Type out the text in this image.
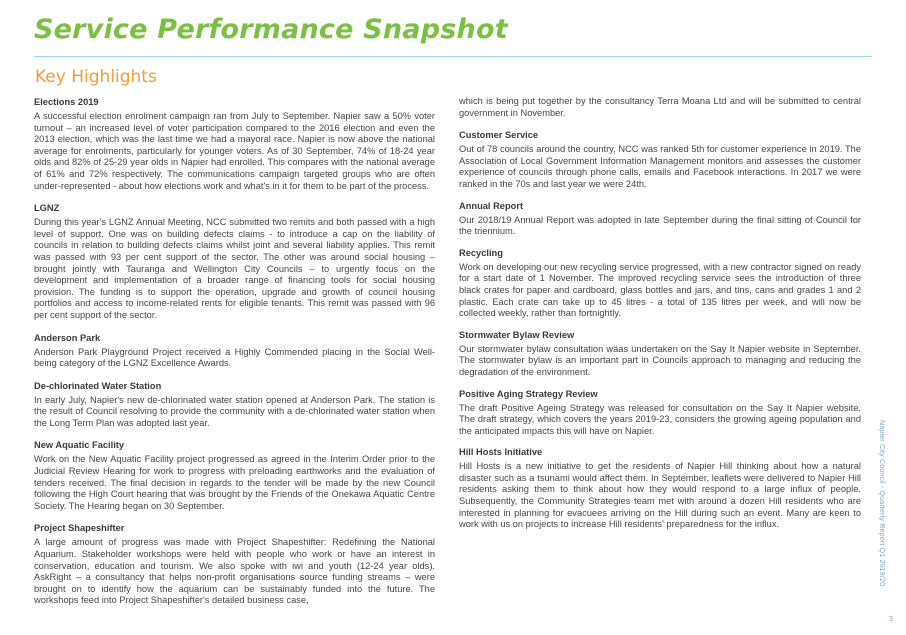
Service Performance Snapshot
Key Highlights
Elections 2019

A successful election enrolment campaign ran from July to September. Napier saw a 50% voter turnout – an increased level of voter participation compared to the 2016 election and even the 2013 election, which was the last time we had a mayoral race. Napier is now above the national average for enrolments, particularly for younger voters. As of 30 September, 74% of 18-24 year olds and 82% of 25-29 year olds in Napier had enrolled. This compares with the national average of 61% and 72% respectively. The communications campaign targeted groups who are often under-represented - about how elections work and what's in it for them to be part of the process.

LGNZ

During this year's LGNZ Annual Meeting, NCC submitted two remits and both passed with a high level of support. One was on building defects claims - to introduce a cap on the liability of councils in relation to building defects claims whilst joint and several liability applies. This remit was passed with 93 per cent support of the sector. The other was around social housing – brought jointly with Tauranga and Wellington City Councils – to urgently focus on the development and implementation of a broader range of financing tools for social housing provision. The funding is to support the operation, upgrade and growth of council housing portfolios and access to income-related rents for eligible tenants. This remit was passed with 96 per cent support of the sector.

Anderson Park

Anderson Park Playground Project received a Highly Commended placing in the Social Well-being category of the LGNZ Excellence Awards.

De-chlorinated Water Station

In early July, Napier's new de-chlorinated water station opened at Anderson Park. The station is the result of Council resolving to provide the community with a de-chlorinated water station when the Long Term Plan was adopted last year.

New Aquatic Facility

Work on the New Aquatic Facility project progressed as agreed in the Interim Order prior to the Judicial Review Hearing for work to progress with preloading earthworks and the evaluation of tenders received. The final decision in regards to the tender will be made by the new Council following the High Court hearing that was brought by the Friends of the Onekawa Aquatic Centre Society. The Hearing began on 30 September.

Project Shapeshifter

A large amount of progress was made with Project Shapeshifter: Redefining the National Aquarium. Stakeholder workshops were held with people who work or have an interest in conservation, education and tourism. We also spoke with iwi and youth (12-24 year olds). AskRight – a consultancy that helps non-profit organisations source funding streams – were brought on to identify how the aquarium can be sustainably funded into the future. The workshops feed into Project Shapeshifter's detailed business case,

which is being put together by the consultancy Terra Moana Ltd and will be submitted to central government in November.

Customer Service

Out of 78 councils around the country, NCC was ranked 5th for customer experience in 2019. The Association of Local Government Information Management monitors and assesses the customer experience of councils through phone calls, emails and Facebook interactions. In 2017 we were ranked in the 70s and last year we were 24th.

Annual Report

Our 2018/19 Annual Report was adopted in late September during the final sitting of Council for the triennium.

Recycling

Work on developing our new recycling service progressed, with a new contractor signed on ready for a start date of 1 November. The improved recycling service sees the introduction of three black crates for paper and cardboard, glass bottles and jars, and tins, cans and grades 1 and 2 plastic. Each crate can take up to 45 litres - a total of 135 litres per week, and will now be collected weekly, rather than fortnightly.

Stormwater Bylaw Review

Our stormwater bylaw consultation wäas undertaken on the Say It Napier website in September. The stormwater bylaw is an important part in Councils approach to managing and reducing the degradation of the environment.

Positive Aging Strategy Review

The draft Positive Ageing Strategy was released for consultation on the Say It Napier website. The draft strategy, which covers the years 2019-23, considers the growing ageing population and the anticipated impacts this will have on Napier.

Hill Hosts Initiative

Hill Hosts is a new initiative to get the residents of Napier Hill thinking about how a natural disaster such as a tsunami would affect them. In September, leaflets were delivered to Napier Hill residents asking them to think about how they would respond to a large influx of people. Subsequently, the Community Strategies team met with around a dozen Hill residents who are interested in planning for evacuees arriving on the Hill during such an event. Many are keen to work with us on projects to increase Hill residents' preparedness for the influx.	Napier City Council - Quarterly Report Q1 2019/20
3
